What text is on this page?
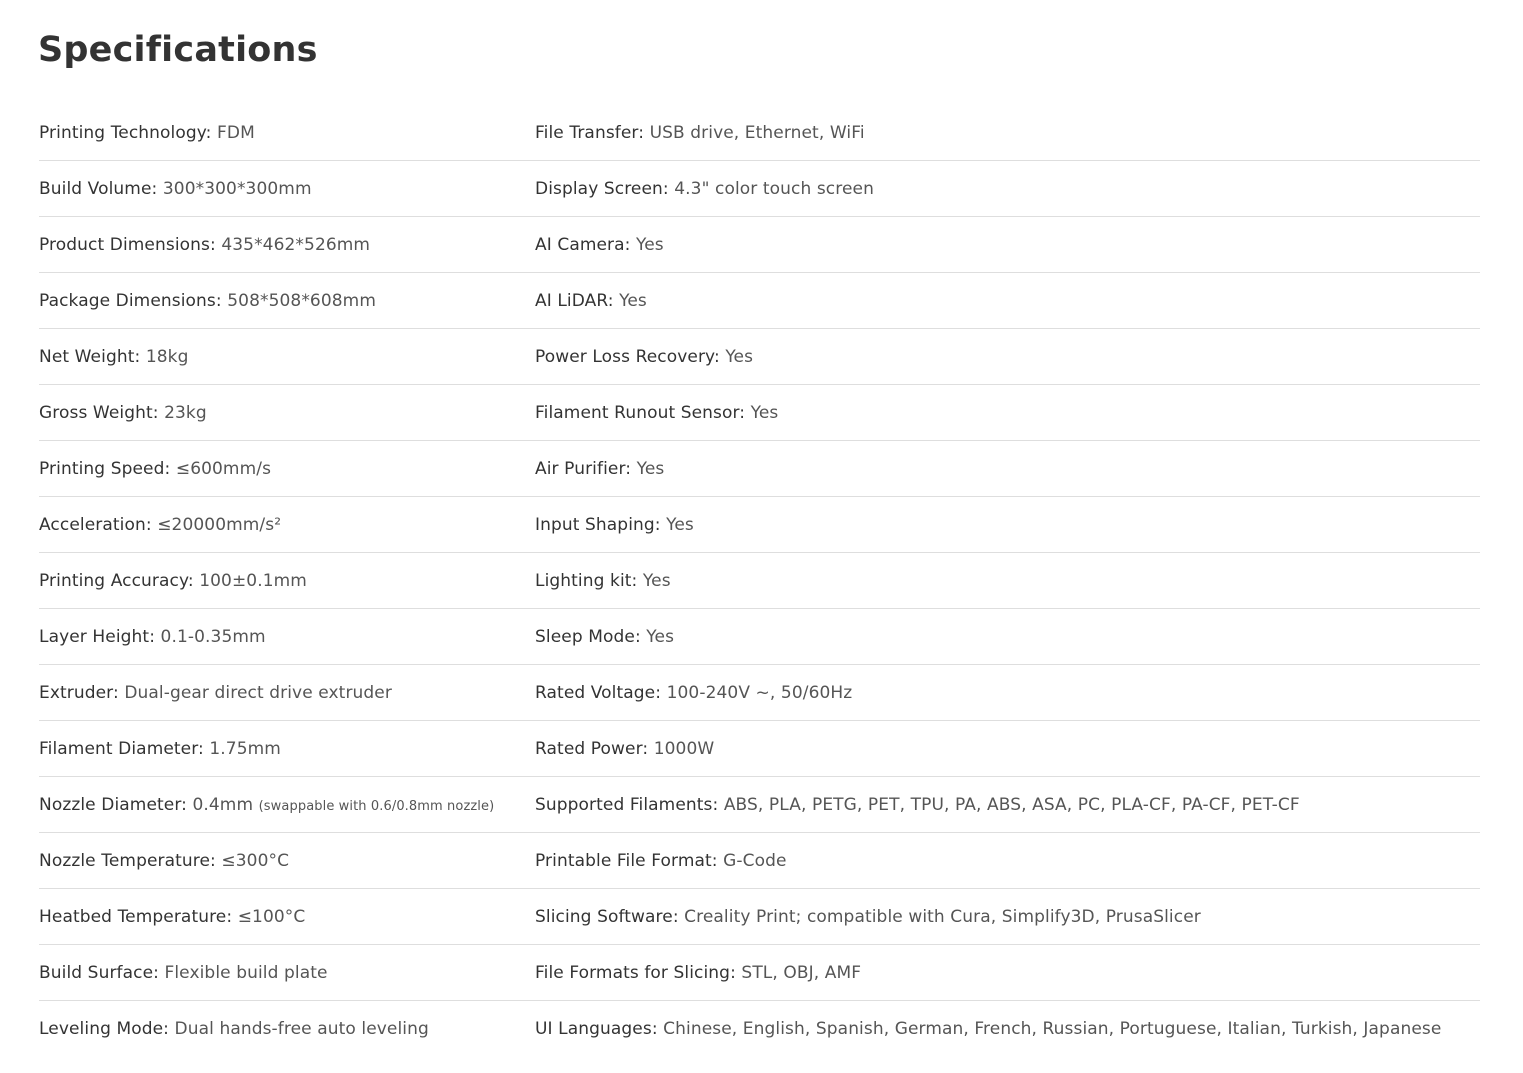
Specifications
Printing Technology: FDM	File Transfer: USB drive, Ethernet, WiFi
Build Volume: 300*300*300mm	Display Screen: 4.3" color touch screen
Product Dimensions: 435*462*526mm	AI Camera: Yes
Package Dimensions: 508*508*608mm	AI LiDAR: Yes
Net Weight: 18kg	Power Loss Recovery: Yes
Gross Weight: 23kg	Filament Runout Sensor: Yes
Printing Speed: ≤600mm/s	Air Purifier: Yes
Acceleration: ≤20000mm/s²	Input Shaping: Yes
Printing Accuracy: 100±0.1mm	Lighting kit: Yes
Layer Height: 0.1-0.35mm	Sleep Mode: Yes
Extruder: Dual-gear direct drive extruder	Rated Voltage: 100-240V ~, 50/60Hz
Filament Diameter: 1.75mm	Rated Power: 1000W
Nozzle Diameter: 0.4mm (swappable with 0.6/0.8mm nozzle)	Supported Filaments: ABS, PLA, PETG, PET, TPU, PA, ABS, ASA, PC, PLA-CF, PA-CF, PET-CF
Nozzle Temperature: ≤300°C	Printable File Format: G-Code
Heatbed Temperature: ≤100°C	Slicing Software: Creality Print; compatible with Cura, Simplify3D, PrusaSlicer
Build Surface: Flexible build plate	File Formats for Slicing: STL, OBJ, AMF
Leveling Mode: Dual hands-free auto leveling	UI Languages: Chinese, English, Spanish, German, French, Russian, Portuguese, Italian, Turkish, Japanese
